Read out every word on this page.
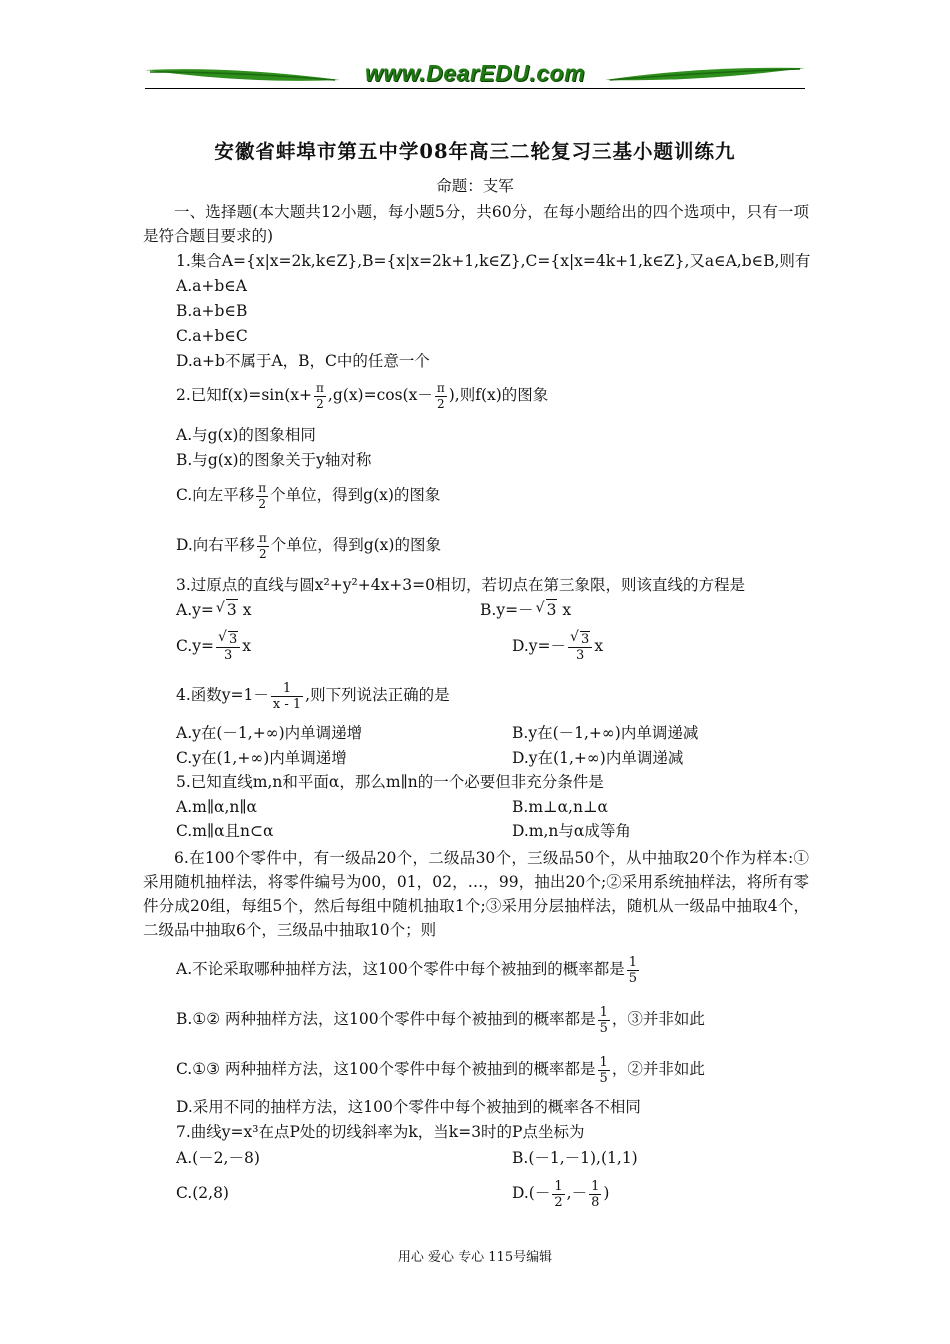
www.DearEDU.com
安徽省蚌埠市第五中学08年高三二轮复习三基小题训练九
命题：支军
一、选择题(本大题共12小题，每小题5分，共60分，在每小题给出的四个选项中，只有一项是符合题目要求的)
1.集合A={x|x=2k,k∈Z},B={x|x=2k+1,k∈Z},C={x|x=4k+1,k∈Z},又a∈A,b∈B,则有
A.a+b∈A
B.a+b∈B
C.a+b∈C
D.a+b不属于A，B，C中的任意一个
2.已知$f(x)=\sin(x+ \frac{\pi}{2} ,g(x)=\cos(x- \frac{\pi}{2}$ ),则f(x)的图象
A.与g(x)的图象相同
B.与g(x)的图象关于y轴对称
C.向左平移 $\frac{\pi}{2}$ 个单位，得到g(x)的图象
D.向右平移 $\frac{\pi}{2}$ 个单位，得到g(x)的图象
3.过原点的直线与圆x²+y²+4x+3=0相切，若切点在第三象限，则该直线的方程是
A.y= √ 3 x	B.y=－ √ 3 x
C.y= √ $\frac{3}{3}$ x	D.y=－ √ $\frac{3}{3}$ x
4.函数$y=1- \frac{1}{x - 1}$ ,则下列说法正确的是
A.y在(－1,+∞)内单调递增	B.y在(－1,+∞)内单调递减
C.y在(1,+∞)内单调递增	D.y在(1,+∞)内单调递减
5.已知直线m,n和平面α，那么m∥n的一个必要但非充分条件是
A.m∥α,n∥α	B.m⊥α,n⊥α
C.m∥α且n⊂α	D.m,n与α成等角
6.在100个零件中，有一级品20个，二级品30个，三级品50个，从中抽取20个作为样本:①采用随机抽样法，将零件编号为00，01，02，…，99，抽出20个;②采用系统抽样法，将所有零件分成20组，每组5个，然后每组中随机抽取1个;③采用分层抽样法，随机从一级品中抽取4个，二级品中抽取6个，三级品中抽取10个；则
A.不论采取哪种抽样方法，这100个零件中每个被抽到的概率都是 $\frac{1}{5}$
B.①② 两种抽样方法，这100个零件中每个被抽到的概率都是 $\frac{1}{5}$ ，③并非如此
C.①③ 两种抽样方法，这100个零件中每个被抽到的概率都是 $\frac{1}{5}$ ，②并非如此
D.采用不同的抽样方法，这100个零件中每个被抽到的概率各不相同
7.曲线y=x³在点P处的切线斜率为k，当k=3时的P点坐标为
A.(－2,－8)	B.(－1,－1),(1,1)
C.(2,8)	$D.(- \frac{1}{2}$ ,－ $\frac{1}{8}$ )
用心 爱心 专心 115号编辑
